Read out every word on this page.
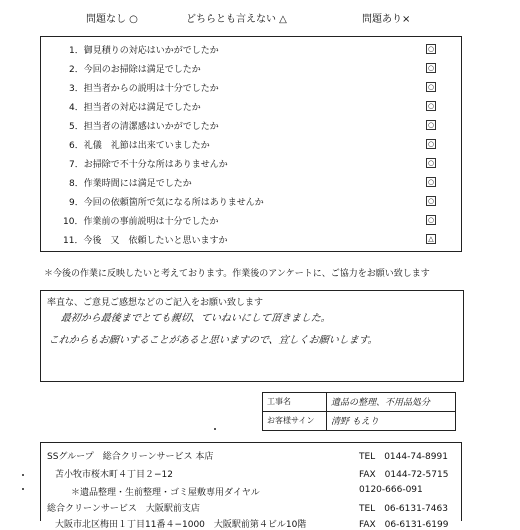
問題なし ○	どちらとも言えない △	問題あり×
1．御見積りの対応はいかがでしたか	○
2．今回のお掃除は満足でしたか	○
3．担当者からの説明は十分でしたか	○
4．担当者の対応は満足でしたか	○
5．担当者の清潔感はいかがでしたか	○
6．礼儀　礼節は出来ていましたか	○
7．お掃除で不十分な所はありませんか	○
8．作業時間には満足でしたか	○
9．今回の依頼箇所で気になる所はありませんか	○
10．作業前の事前説明は十分でしたか	○
11．今後　又　依頼したいと思いますか	△
＊今後の作業に反映したいと考えております。作業後のアンケートに、ご協力をお願い致します
率直な、ご意見ご感想などのご記入をお願い致します
最初から最後までとても親切、ていねいにして頂きました。
これからもお願いすることがあると思いますので、宜しくお願いします。
工事名	遺品の整理、不用品処分
お客様サイン	清野 もえり
SSグループ　総合クリーンサービス 本店	TEL　0144-74-8991
苫小牧市桜木町４丁目２−12	FAX　0144-72-5715
＊遺品整理・生前整理・ゴミ屋敷専用ダイヤル	0120-666-091
総合クリーンサービス　大阪駅前支店	TEL　06-6131-7463
大阪市北区梅田１丁目11番４−1000　大阪駅前第４ビル10階	FAX　06-6131-6199
